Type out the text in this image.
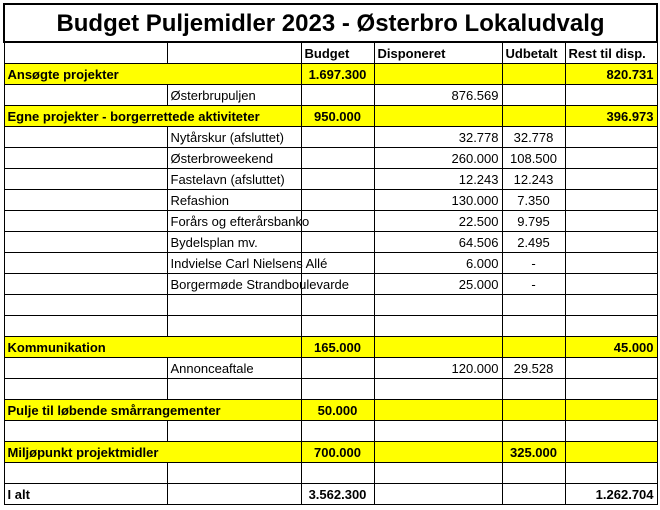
Budget Puljemidler 2023 - Østerbro Lokaludvalg					
		Budget	Disponeret	Udbetalt	Rest til disp.
Ansøgte projekter		1.697.300			820.731
	Østerbrupuljen		876.569		
Egne projekter - borgerrettede aktiviteter		950.000			396.973
	Nytårskur (afsluttet)		32.778	32.778	
	Østerbroweekend		260.000	108.500	
	Fastelavn (afsluttet)		12.243	12.243	
	Refashion		130.000	7.350	
	Forårs og efterårsbanko		22.500	9.795	
	Bydelsplan mv.		64.506	2.495	
	Indvielse Carl Nielsens Allé		6.000	-	
	Borgermøde Strandboulevarde		25.000	-	

Kommunikation		165.000			45.000
	Annonceaftale		120.000	29.528	

Pulje til løbende smårrangementer		50.000			

Miljøpunkt projektmidler		700.000		325.000	

I alt		3.562.300			1.262.704
